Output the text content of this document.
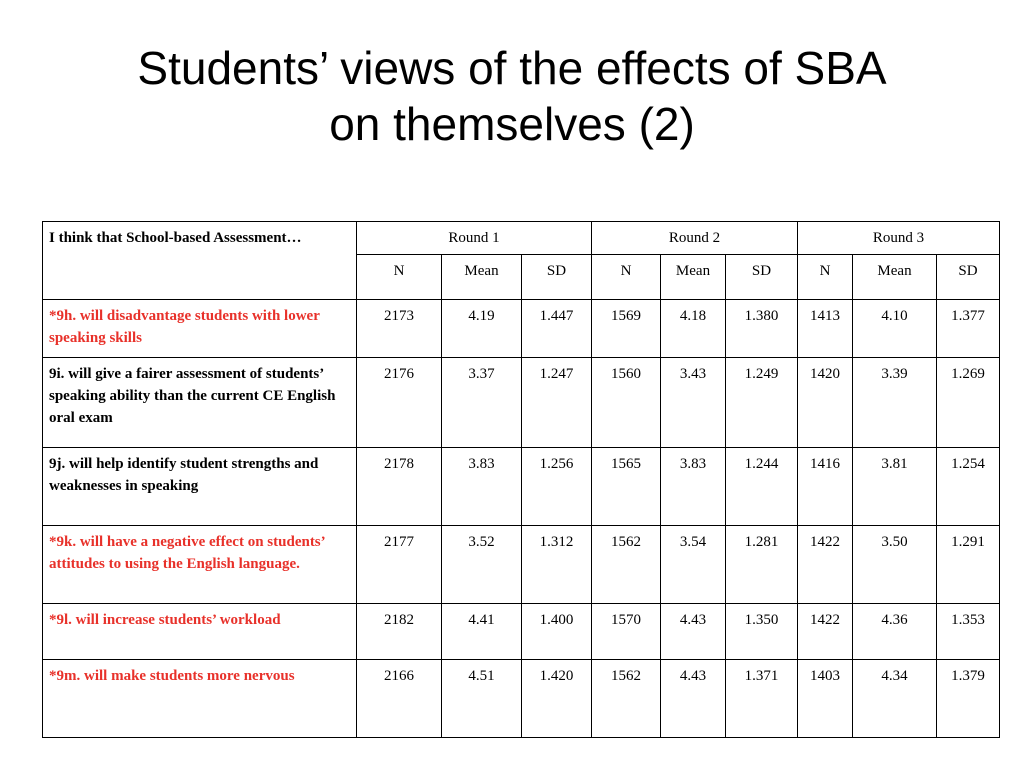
Students’ views of the effects of SBA
on themselves (2)
I think that School-based Assessment…	Round 1			Round 2			Round 3		
	N	Mean	SD	N	Mean	SD	N	Mean	SD
*9h. will disadvantage students with lower speaking skills	2173	4.19	1.447	1569	4.18	1.380	1413	4.10	1.377
9i. will give a fairer assessment of students’ speaking ability than the current CE English oral exam	2176	3.37	1.247	1560	3.43	1.249	1420	3.39	1.269
9j. will help identify student strengths and weaknesses in speaking	2178	3.83	1.256	1565	3.83	1.244	1416	3.81	1.254
*9k. will have a negative effect on students’ attitudes to using the English language.	2177	3.52	1.312	1562	3.54	1.281	1422	3.50	1.291
*9l. will increase students’ workload	2182	4.41	1.400	1570	4.43	1.350	1422	4.36	1.353
*9m. will make students more nervous	2166	4.51	1.420	1562	4.43	1.371	1403	4.34	1.379
